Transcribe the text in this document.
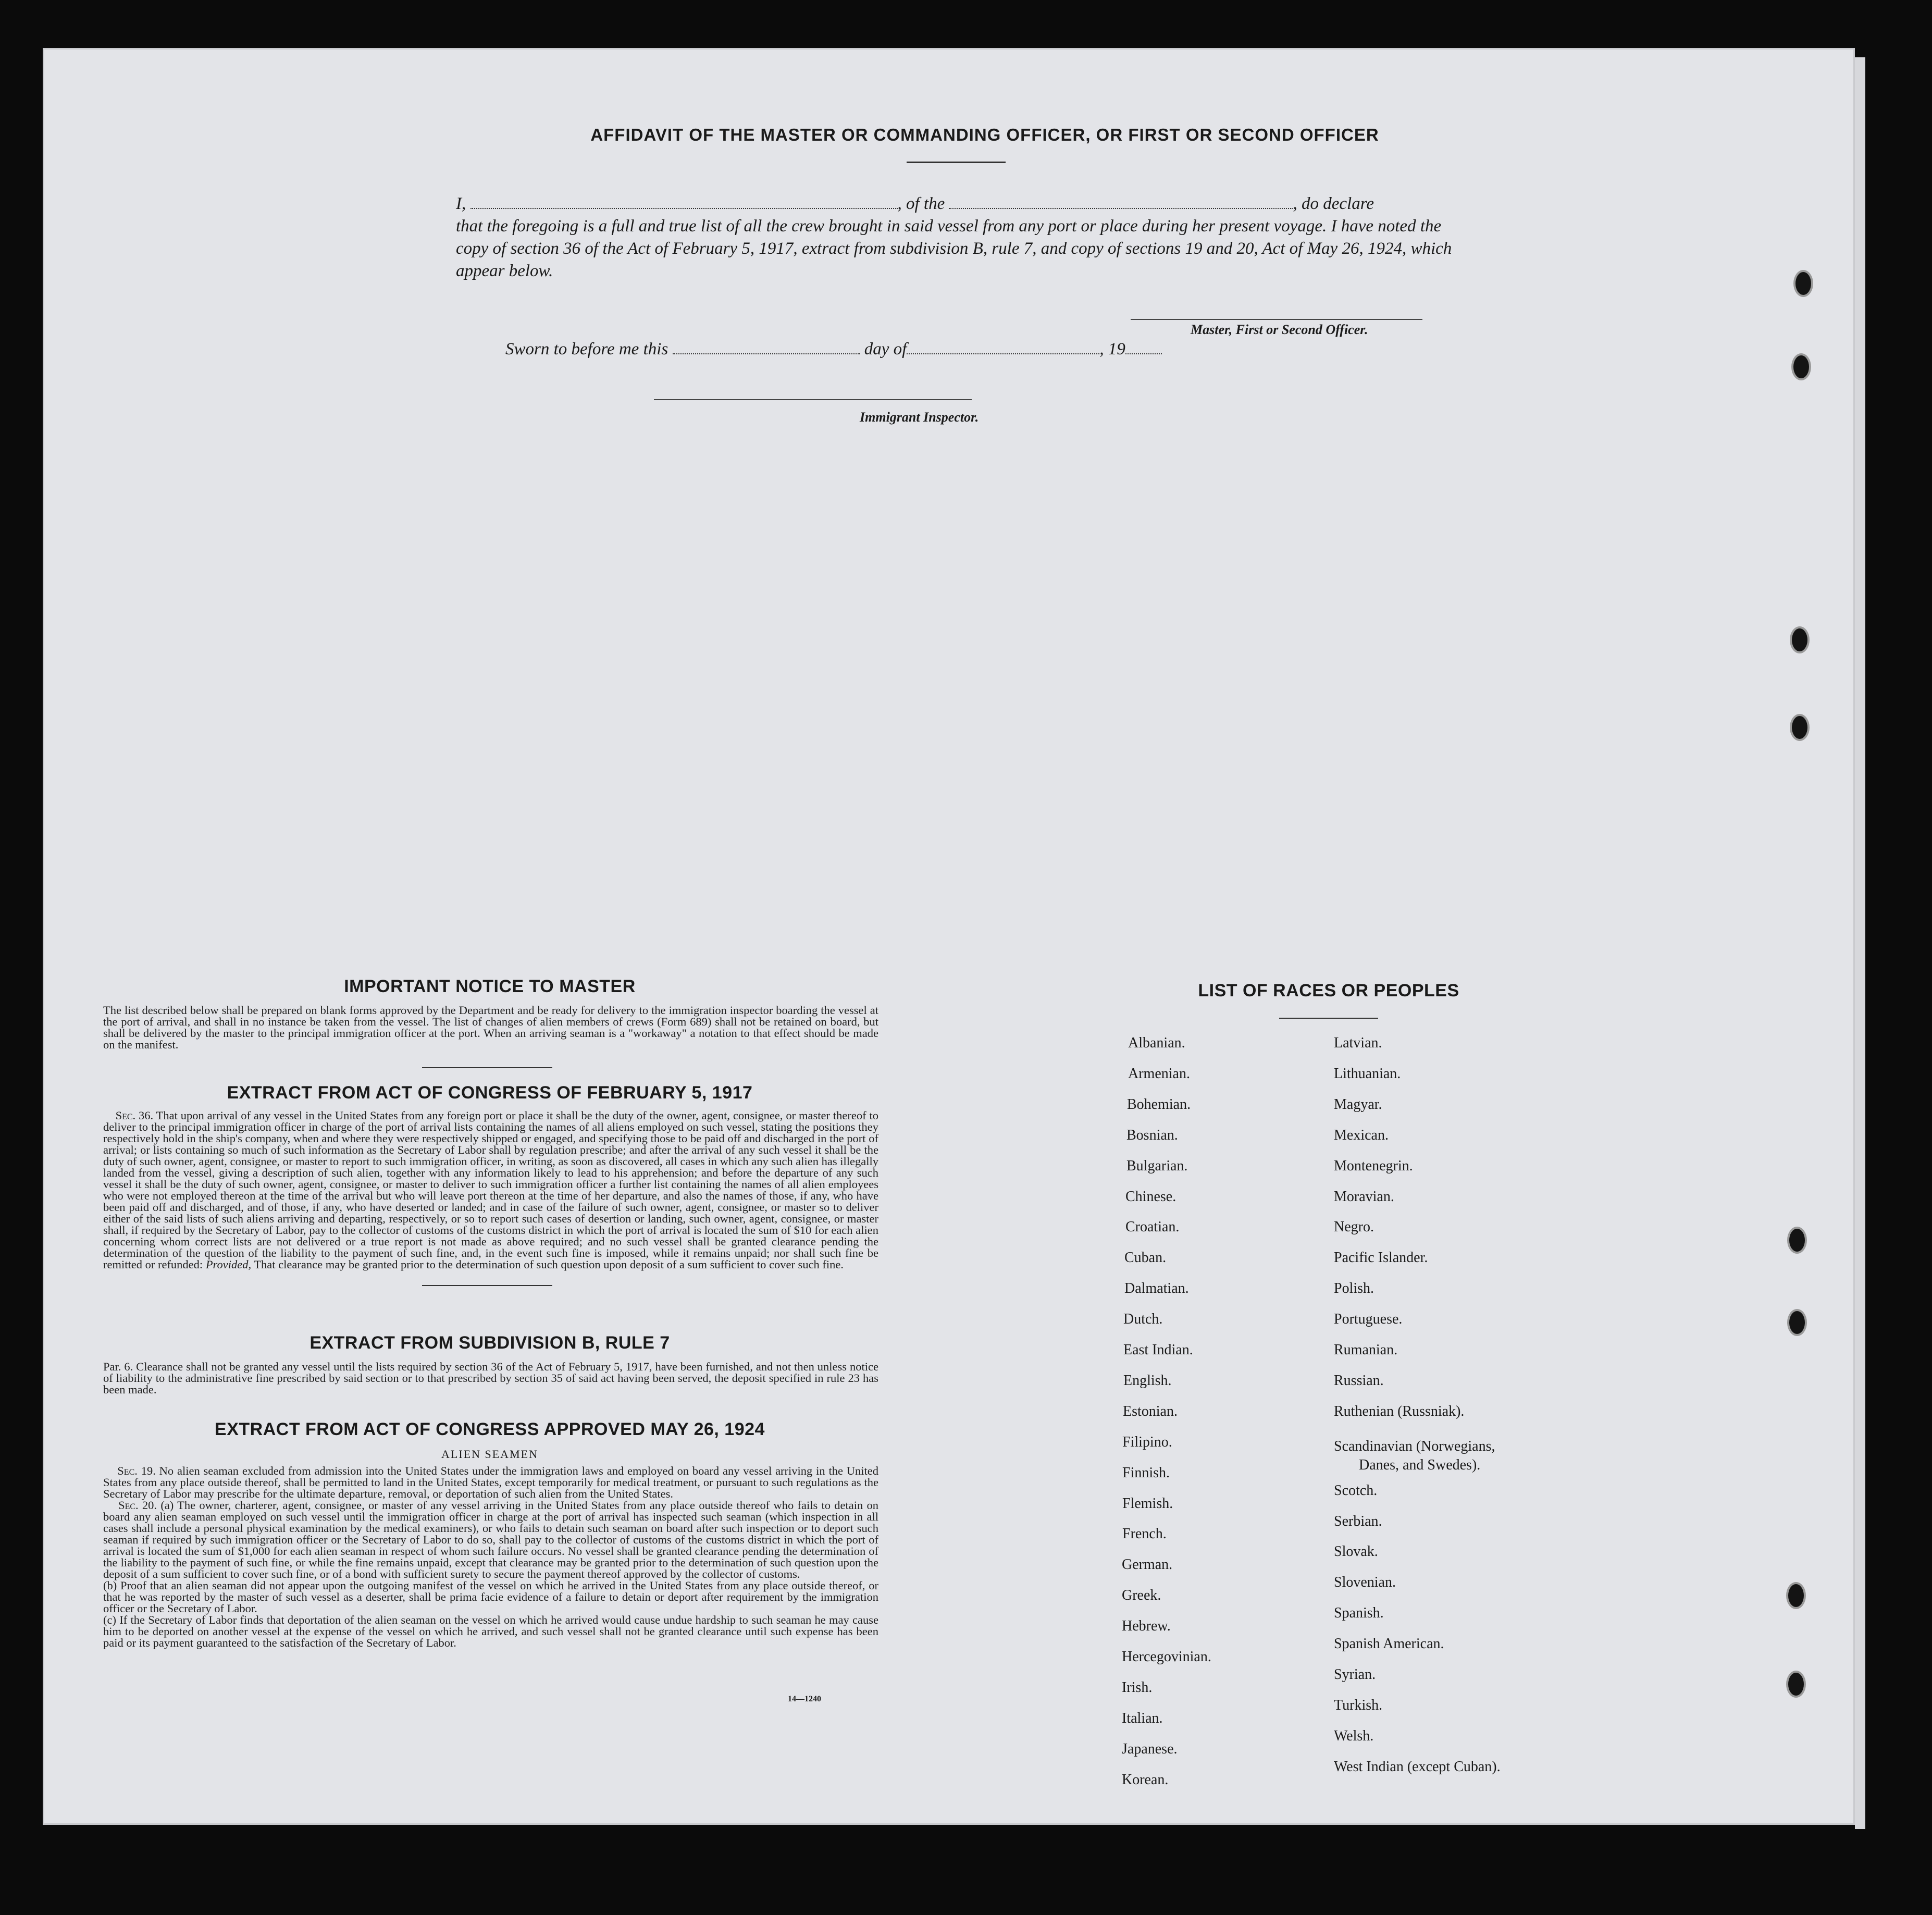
AFFIDAVIT OF THE MASTER OR COMMANDING OFFICER, OR FIRST OR SECOND OFFICER
I,	, of the	, do declare
that the foregoing is a full and true list of all the crew brought in said vessel from any port or place during her present voyage. I have noted the copy of section 36 of the Act of February 5, 1917, extract from subdivision B, rule 7, and copy of sections 19 and 20, Act of May 26, 1924, which appear below.
Master, First or Second Officer.
Sworn to before me this	day of	, 19
Immigrant Inspector.
IMPORTANT NOTICE TO MASTER
The list described below shall be prepared on blank forms approved by the Department and be ready for delivery to the immigration inspector boarding the vessel at the port of arrival, and shall in no instance be taken from the vessel. The list of changes of alien members of crews (Form 689) shall not be retained on board, but shall be delivered by the master to the principal immigration officer at the port. When an arriving seaman is a "workaway" a notation to that effect should be made on the manifest.
EXTRACT FROM ACT OF CONGRESS OF FEBRUARY 5, 1917
Sec. 36. That upon arrival of any vessel in the United States from any foreign port or place it shall be the duty of the owner, agent, consignee, or master thereof to deliver to the principal immigration officer in charge of the port of arrival lists containing the names of all aliens employed on such vessel, stating the positions they respectively hold in the ship's company, when and where they were respectively shipped or engaged, and specifying those to be paid off and discharged in the port of arrival; or lists containing so much of such information as the Secretary of Labor shall by regulation prescribe; and after the arrival of any such vessel it shall be the duty of such owner, agent, consignee, or master to report to such immigration officer, in writing, as soon as discovered, all cases in which any such alien has illegally landed from the vessel, giving a description of such alien, together with any information likely to lead to his apprehension; and before the departure of any such vessel it shall be the duty of such owner, agent, consignee, or master to deliver to such immigration officer a further list containing the names of all alien employees who were not employed thereon at the time of the arrival but who will leave port thereon at the time of her departure, and also the names of those, if any, who have been paid off and discharged, and of those, if any, who have deserted or landed; and in case of the failure of such owner, agent, consignee, or master so to deliver either of the said lists of such aliens arriving and departing, respectively, or so to report such cases of desertion or landing, such owner, agent, consignee, or master shall, if required by the Secretary of Labor, pay to the collector of customs of the customs district in which the port of arrival is located the sum of $10 for each alien concerning whom correct lists are not delivered or a true report is not made as above required; and no such vessel shall be granted clearance pending the determination of the question of the liability to the payment of such fine, and, in the event such fine is imposed, while it remains unpaid; nor shall such fine be remitted or refunded: Provided, That clearance may be granted prior to the determination of such question upon deposit of a sum sufficient to cover such fine.
EXTRACT FROM SUBDIVISION B, RULE 7
Par. 6. Clearance shall not be granted any vessel until the lists required by section 36 of the Act of February 5, 1917, have been furnished, and not then unless notice of liability to the administrative fine prescribed by said section or to that prescribed by section 35 of said act having been served, the deposit specified in rule 23 has been made.
EXTRACT FROM ACT OF CONGRESS APPROVED MAY 26, 1924
ALIEN SEAMEN
Sec. 19. No alien seaman excluded from admission into the United States under the immigration laws and employed on board any vessel arriving in the United States from any place outside thereof, shall be permitted to land in the United States, except temporarily for medical treatment, or pursuant to such regulations as the Secretary of Labor may prescribe for the ultimate departure, removal, or deportation of such alien from the United States.
Sec. 20. (a) The owner, charterer, agent, consignee, or master of any vessel arriving in the United States from any place outside thereof who fails to detain on board any alien seaman employed on such vessel until the immigration officer in charge at the port of arrival has inspected such seaman (which inspection in all cases shall include a personal physical examination by the medical examiners), or who fails to detain such seaman on board after such inspection or to deport such seaman if required by such immigration officer or the Secretary of Labor to do so, shall pay to the collector of customs of the customs district in which the port of arrival is located the sum of $1,000 for each alien seaman in respect of whom such failure occurs. No vessel shall be granted clearance pending the determination of the liability to the payment of such fine, or while the fine remains unpaid, except that clearance may be granted prior to the determination of such question upon the deposit of a sum sufficient to cover such fine, or of a bond with sufficient surety to secure the payment thereof approved by the collector of customs.
(b) Proof that an alien seaman did not appear upon the outgoing manifest of the vessel on which he arrived in the United States from any place outside thereof, or that he was reported by the master of such vessel as a deserter, shall be prima facie evidence of a failure to detain or deport after requirement by the immigration officer or the Secretary of Labor.
(c) If the Secretary of Labor finds that deportation of the alien seaman on the vessel on which he arrived would cause undue hardship to such seaman he may cause him to be deported on another vessel at the expense of the vessel on which he arrived, and such vessel shall not be granted clearance until such expense has been paid or its payment guaranteed to the satisfaction of the Secretary of Labor.
14—1240
LIST OF RACES OR PEOPLES
Albanian.
Armenian.
Bohemian.
Bosnian.
Bulgarian.
Chinese.
Croatian.
Cuban.
Dalmatian.
Dutch.
East Indian.
English.
Estonian.
Filipino.
Finnish.
Flemish.
French.
German.
Greek.
Hebrew.
Hercegovinian.
Irish.
Italian.
Japanese.
Korean.
Latvian.
Lithuanian.
Magyar.
Mexican.
Montenegrin.
Moravian.
Negro.
Pacific Islander.
Polish.
Portuguese.
Rumanian.
Russian.
Ruthenian (Russniak).
Scandinavian (Norwegians,
Danes, and Swedes).
Scotch.
Serbian.
Slovak.
Slovenian.
Spanish.
Spanish American.
Syrian.
Turkish.
Welsh.
West Indian (except Cuban).
